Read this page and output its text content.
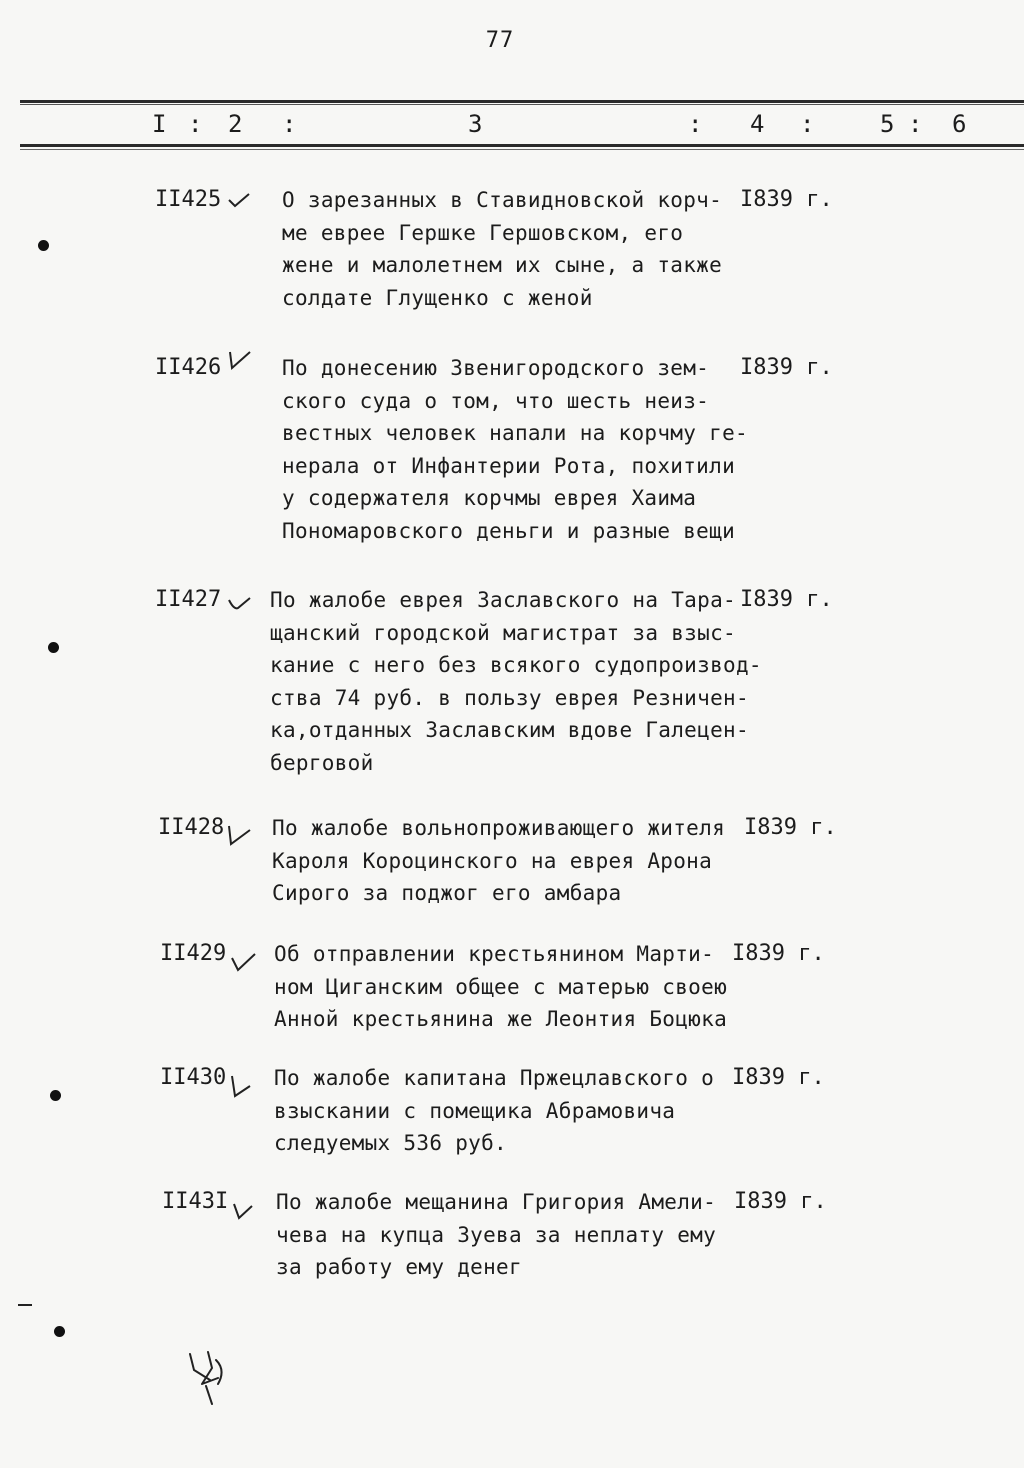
77
I : 2 :	3	: 4 :	5 : 6
II425	О зарезанных в Ставидновской корч-
ме еврее Гершке Гершовском, его
жене и малолетнем их сыне, а также
солдате Глущенко с женой
I839 г.
II426	По донесению Звенигородского зем-
ского суда о том, что шесть неиз-
вестных человек напали на корчму ге-
нерала от Инфантерии Рота, похитили
у содержателя корчмы еврея Хаима
Пономаровского деньги и разные вещи
I839 г.
II427 По жалобе еврея Заславского на Тара-
щанский городской магистрат за взыс-
кание с него без всякого судопроизвод-
ства 74 руб. в пользу еврея Резничен-
ка,отданных Заславским вдове Галецен-
берговой
I839 г.
II428 По жалобе вольнопроживающего жителя
Кароля Короцинского на еврея Арона
Сирого за поджог его амбара
I839 г.
II429 Об отправлении крестьянином Марти-
ном Циганским общее с матерью своею
Анной крестьянина же Леонтия Боцюка
I839 г.
II430 По жалобе капитана Пржецлавского о
взыскании с помещика Абрамовича
следуемых 536 руб.
I839 г.
II43I По жалобе мещанина Григория Амели-
чева на купца Зуева за неплату ему
за работу ему денег
I839 г.
